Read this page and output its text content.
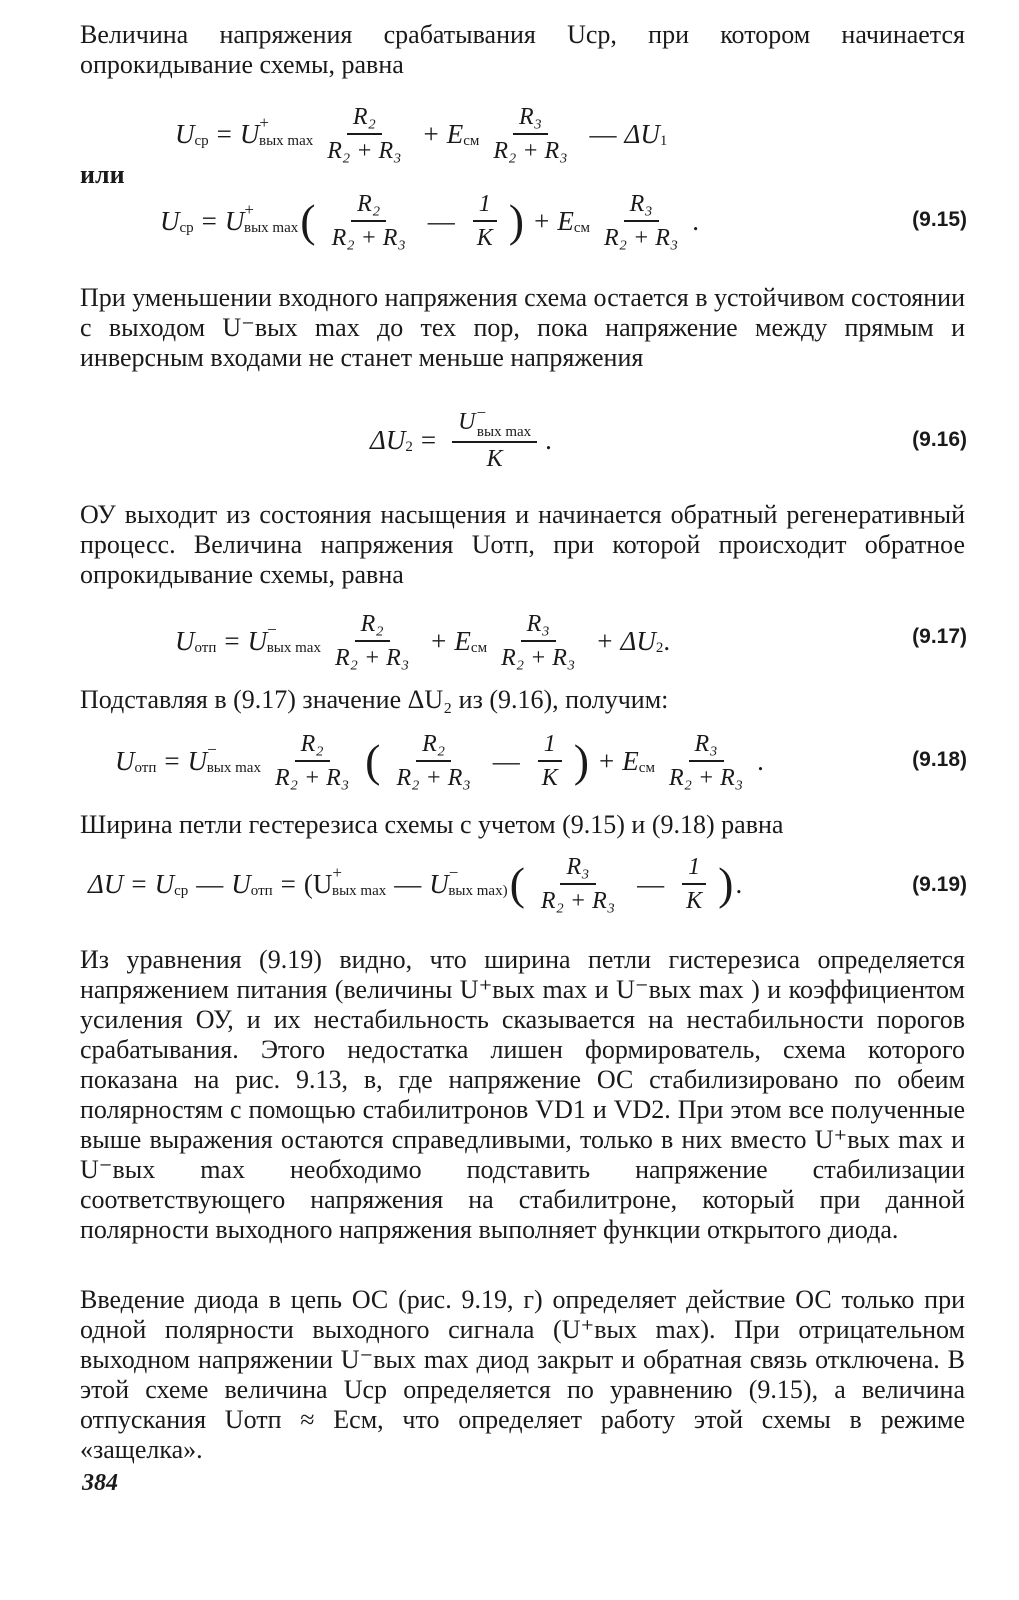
Величина напряжения срабатывания Uср, при котором начинается опрокидывание схемы, равна
U ср = U +
вых $\max \frac{\text{R₂}}{\text{R₂ + R₃}} + E$ см $\frac{\text{R₃}}{\text{R₂ + R₃}}$ — ΔU 1
или
U ср = U +
вых max ( $\frac{\text{R₂}}{\text{R₂ + R₃}}$ — $\frac{1}{K}$ ) + E см $\frac{\text{R₃}}{\text{R₂ + R₃}}$ .	(9.15)
При уменьшении входного напряжения схема остается в устойчивом состоянии с выходом U⁻вых max до тех пор, пока напряжение между прямым и инверсным входами не станет меньше напряжения
ΔU $2 = \frac{U^-_{вых max}}{K}$ .	(9.16)
ОУ выходит из состояния насыщения и начинается обратный регенеративный процесс. Величина напряжения Uотп, при которой происходит обратное опрокидывание схемы, равна
U отп = U −
вых $\max \frac{\text{R₂}}{\text{R₂ + R₃}} + E$ см $\frac{\text{R₃}}{\text{R₂ + R₃}} + \Delta U$ 2 .	(9.17)
Подставляя в (9.17) значение ΔU₂ из (9.16), получим:
U отп = U −
вых $\max \frac{\text{R₂}}{\text{R₂ + R₃}}$ ( $\frac{\text{R₂}}{\text{R₂ + R₃}}$ — $\frac{1}{K}$ ) + E см $\frac{\text{R₃}}{\text{R₂ + R₃}}$ .	(9.18)
Ширина петли гестерезиса схемы с учетом (9.15) и (9.18) равна
ΔU = U ср — U отп = (U +
вых max — U −
вых max) ( $\frac{\text{R₃}}{\text{R₂ + R₃}}$ — $\frac{1}{K}$ ) .	(9.19)
Из уравнения (9.19) видно, что ширина петли гистерезиса определяется напряжением питания (величины U⁺вых max и U⁻вых max ) и коэффициентом усиления ОУ, и их нестабильность сказывается на нестабильности порогов срабатывания. Этого недостатка лишен формирователь, схема которого показана на рис. 9.13, в, где напряжение ОС стабилизировано по обеим полярностям с помощью стабилитронов VD1 и VD2. При этом все полученные выше выражения остаются справедливыми, только в них вместо U⁺вых max и U⁻вых max необходимо подставить напряжение стабилизации соответствующего напряжения на стабилитроне, который при данной полярности выходного напряжения выполняет функции открытого диода.
Введение диода в цепь ОС (рис. 9.19, г) определяет действие ОС только при одной полярности выходного сигнала (U⁺вых max). При отрицательном выходном напряжении U⁻вых max диод закрыт и обратная связь отключена. В этой схеме величина Uср определяется по уравнению (9.15), а величина отпускания Uотп ≈ Eсм, что определяет работу этой схемы в режиме «защелка».
384
